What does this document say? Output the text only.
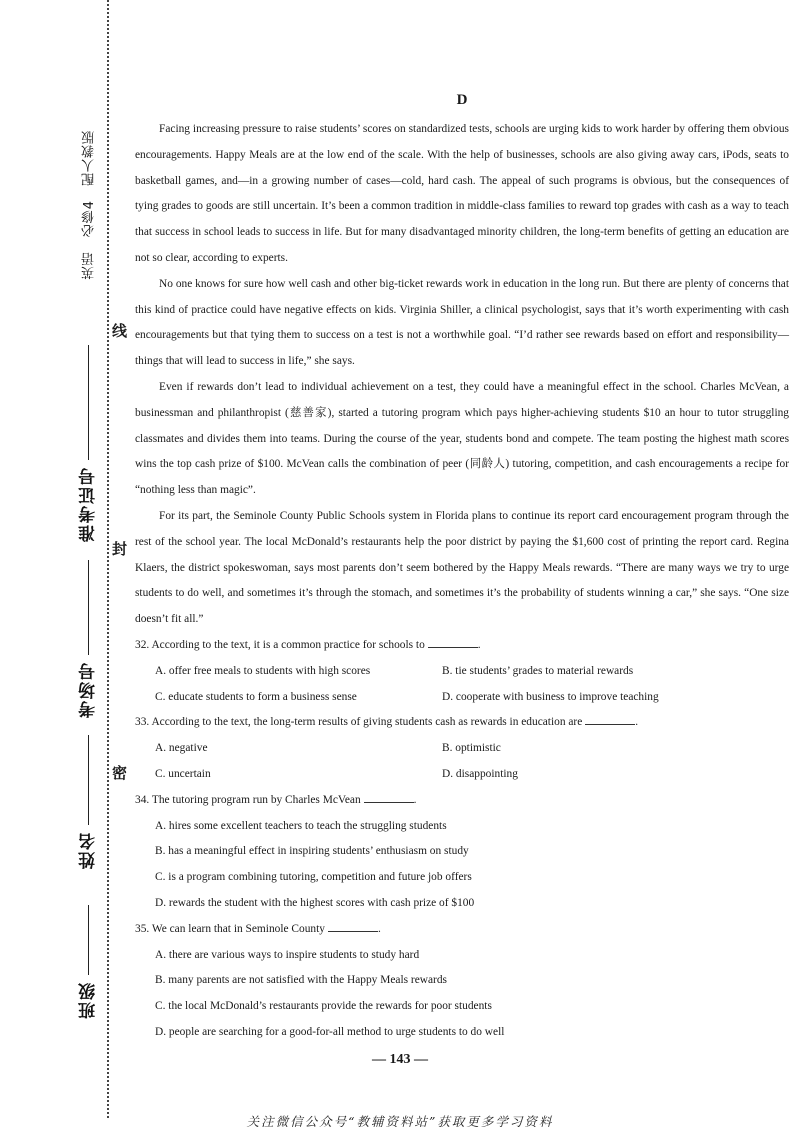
英语　必修4　配人教版
班级
姓名
考场号
准考证号
密
封
线

D

Facing increasing pressure to raise students’ scores on standardized tests, schools are urging kids to work harder by offering them obvious encouragements. Happy Meals are at the low end of the scale. With the help of businesses, schools are also giving away cars, iPods, seats to basketball games, and—in a growing number of cases—cold, hard cash. The appeal of such programs is obvious, but the consequences of tying grades to goods are still uncertain. It’s been a common tradition in middle-class families to reward top grades with cash as a way to teach that success in school leads to success in life. But for many disadvantaged minority children, the long-term benefits of getting an education are not so clear, according to experts.

No one knows for sure how well cash and other big-ticket rewards work in education in the long run. But there are plenty of concerns that this kind of practice could have negative effects on kids. Virginia Shiller, a clinical psychologist, says that it’s worth experimenting with cash encouragements but that tying them to success on a test is not a worthwhile goal. “I’d rather see rewards based on effort and responsibility—things that will lead to success in life,” she says.

Even if rewards don’t lead to individual achievement on a test, they could have a meaningful effect in the school. Charles McVean, a businessman and philanthropist (慈善家), started a tutoring program which pays higher-achieving students $10 an hour to tutor struggling classmates and divides them into teams. During the course of the year, students bond and compete. The team posting the highest math scores wins the top cash prize of $100. McVean calls the combination of peer (同龄人) tutoring, competition, and cash encouragements a recipe for “nothing less than magic”.

For its part, the Seminole County Public Schools system in Florida plans to continue its report card encouragement program through the rest of the school year. The local McDonald’s restaurants help the poor district by paying the $1,600 cost of printing the report card. Regina Klaers, the district spokeswoman, says most parents don’t seem bothered by the Happy Meals rewards. “There are many ways we try to urge students to do well, and sometimes it’s through the stomach, and sometimes it’s the probability of students winning a car,” she says. “One size doesn’t fit all.”

32. According to the text, it is a common practice for schools to	.

A. offer free meals to students with high scores	B. tie students’ grades to material rewards
C. educate students to form a business sense	D. cooperate with business to improve teaching

33. According to the text, the long-term results of giving students cash as rewards in education are	.

A. negative	B. optimistic
C. uncertain	D. disappointing

34. The tutoring program run by Charles McVean	.

A. hires some excellent teachers to teach the struggling students

B. has a meaningful effect in inspiring students’ enthusiasm on study

C. is a program combining tutoring, competition and future job offers

D. rewards the student with the highest scores with cash prize of $100

35. We can learn that in Seminole County	.

A. there are various ways to inspire students to study hard

B. many parents are not satisfied with the Happy Meals rewards

C. the local McDonald’s restaurants provide the rewards for poor students

D. people are searching for a good-for-all method to urge students to do well

— 143 —
关注微信公众号“教辅资料站”获取更多学习资料
